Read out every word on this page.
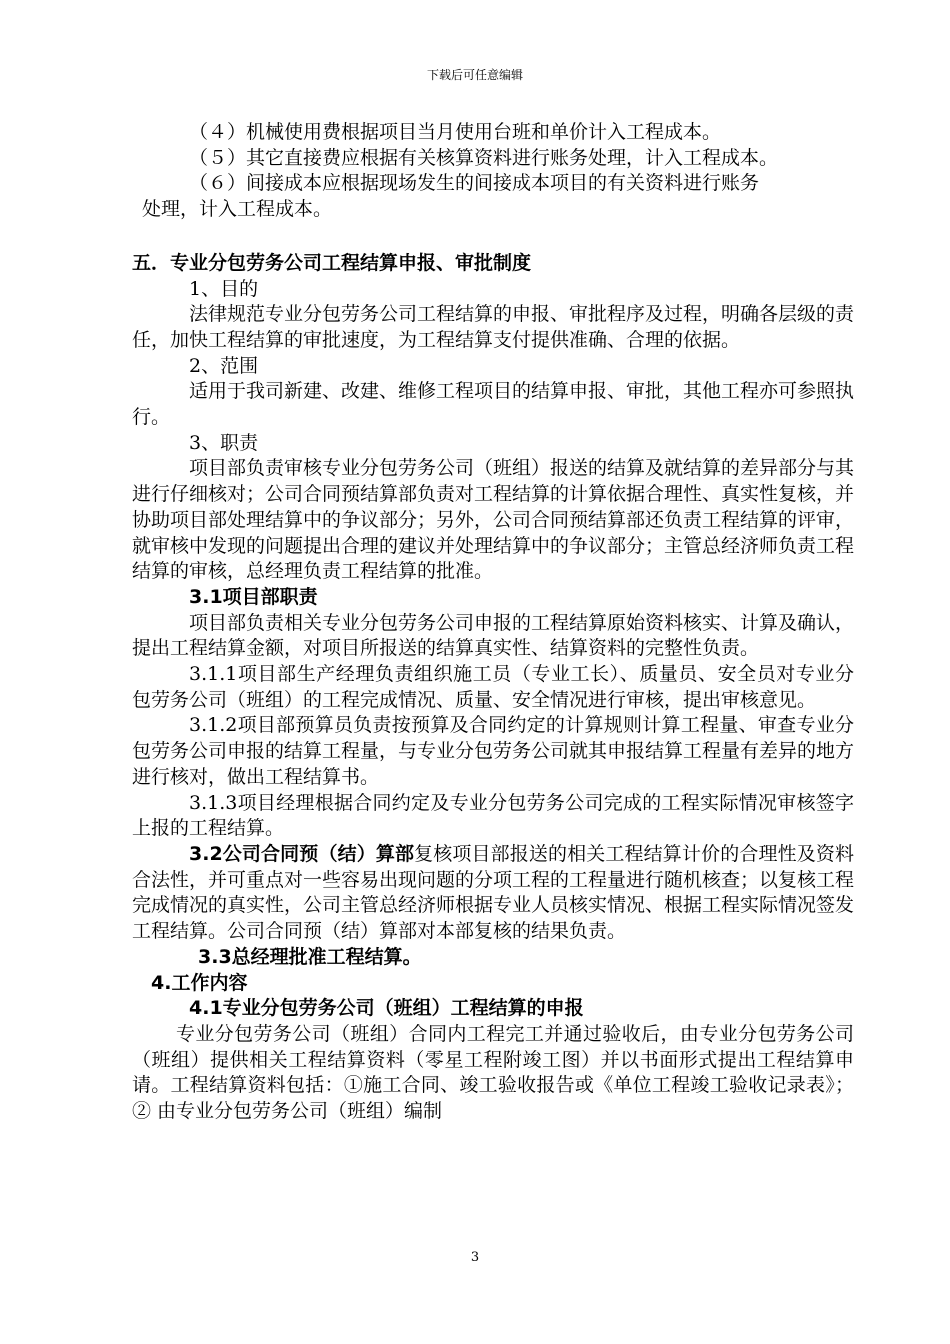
下载后可任意编辑

（４）机械使用费根据项目当月使用台班和单价计入工程成本。

（５）其它直接费应根据有关核算资料进行账务处理，计入工程成本。

（６）间接成本应根据现场发生的间接成本项目的有关资料进行账务

处理，计入工程成本。

五．专业分包劳务公司工程结算申报、审批制度

1、目的

法律规范专业分包劳务公司工程结算的申报、审批程序及过程，明确各层级的责任，加快工程结算的审批速度，为工程结算支付提供准确、合理的依据。

2、范围

适用于我司新建、改建、维修工程项目的结算申报、审批，其他工程亦可参照执行。

3、职责

项目部负责审核专业分包劳务公司（班组）报送的结算及就结算的差异部分与其进行仔细核对；公司合同预结算部负责对工程结算的计算依据合理性、真实性复核，并协助项目部处理结算中的争议部分；另外，公司合同预结算部还负责工程结算的评审，就审核中发现的问题提出合理的建议并处理结算中的争议部分；主管总经济师负责工程结算的审核，总经理负责工程结算的批准。

3.1项目部职责

项目部负责相关专业分包劳务公司申报的工程结算原始资料核实、计算及确认，提出工程结算金额，对项目所报送的结算真实性、结算资料的完整性负责。

3.1.1项目部生产经理负责组织施工员（专业工长）、质量员、安全员对专业分包劳务公司（班组）的工程完成情况、质量、安全情况进行审核，提出审核意见。

3.1.2项目部预算员负责按预算及合同约定的计算规则计算工程量、审查专业分包劳务公司申报的结算工程量，与专业分包劳务公司就其申报结算工程量有差异的地方进行核对，做出工程结算书。

3.1.3项目经理根据合同约定及专业分包劳务公司完成的工程实际情况审核签字上报的工程结算。

3.2公司合同预（结）算部复核项目部报送的相关工程结算计价的合理性及资料合法性，并可重点对一些容易出现问题的分项工程的工程量进行随机核查；以复核工程完成情况的真实性，公司主管总经济师根据专业人员核实情况、根据工程实际情况签发工程结算。公司合同预（结）算部对本部复核的结果负责。

3.3总经理批准工程结算。

4.工作内容

4.1专业分包劳务公司（班组）工程结算的申报

专业分包劳务公司（班组）合同内工程完工并通过验收后，由专业分包劳务公司（班组）提供相关工程结算资料（零星工程附竣工图）并以书面形式提出工程结算申请。工程结算资料包括：①施工合同、竣工验收报告或《单位工程竣工验收记录表》；② 由专业分包劳务公司（班组）编制

3
